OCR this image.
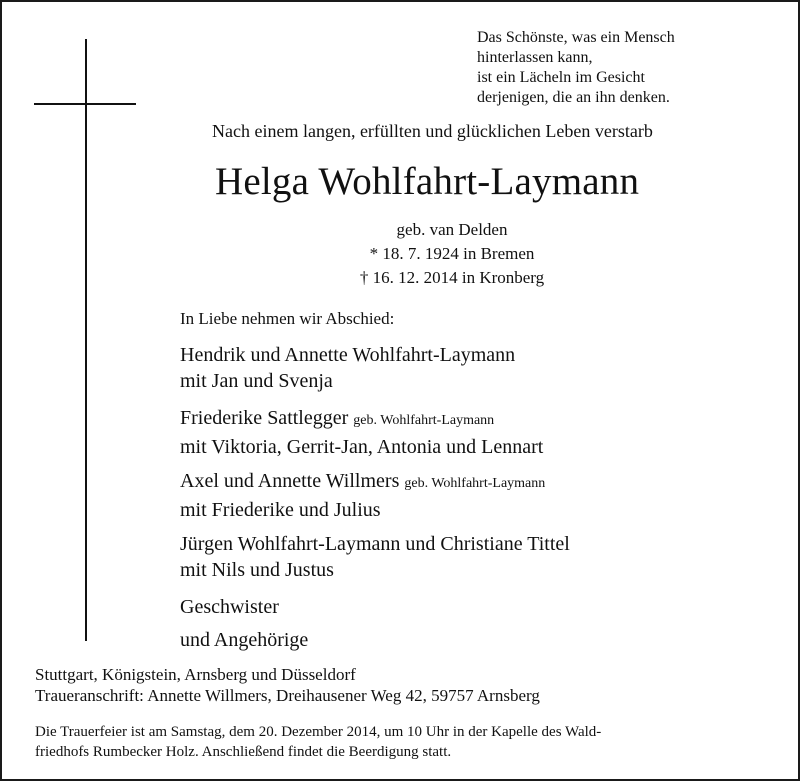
Das Schönste, was ein Mensch
hinterlassen kann,
ist ein Lächeln im Gesicht
derjenigen, die an ihn denken.
Nach einem langen, erfüllten und glücklichen Leben verstarb
Helga Wohlfahrt-Laymann
geb. van Delden
* 18. 7. 1924 in Bremen
† 16. 12. 2014 in Kronberg
In Liebe nehmen wir Abschied:
Hendrik und Annette Wohlfahrt-Laymann
mit Jan und Svenja
Friederike Sattlegger geb. Wohlfahrt-Laymann
mit Viktoria, Gerrit-Jan, Antonia und Lennart
Axel und Annette Willmers geb. Wohlfahrt-Laymann
mit Friederike und Julius
Jürgen Wohlfahrt-Laymann und Christiane Tittel
mit Nils und Justus
Geschwister
und Angehörige
Stuttgart, Königstein, Arnsberg und Düsseldorf
Traueranschrift: Annette Willmers, Dreihausener Weg 42, 59757 Arnsberg
Die Trauerfeier ist am Samstag, dem 20. Dezember 2014, um 10 Uhr in der Kapelle des Wald-
friedhofs Rumbecker Holz. Anschließend findet die Beerdigung statt.
